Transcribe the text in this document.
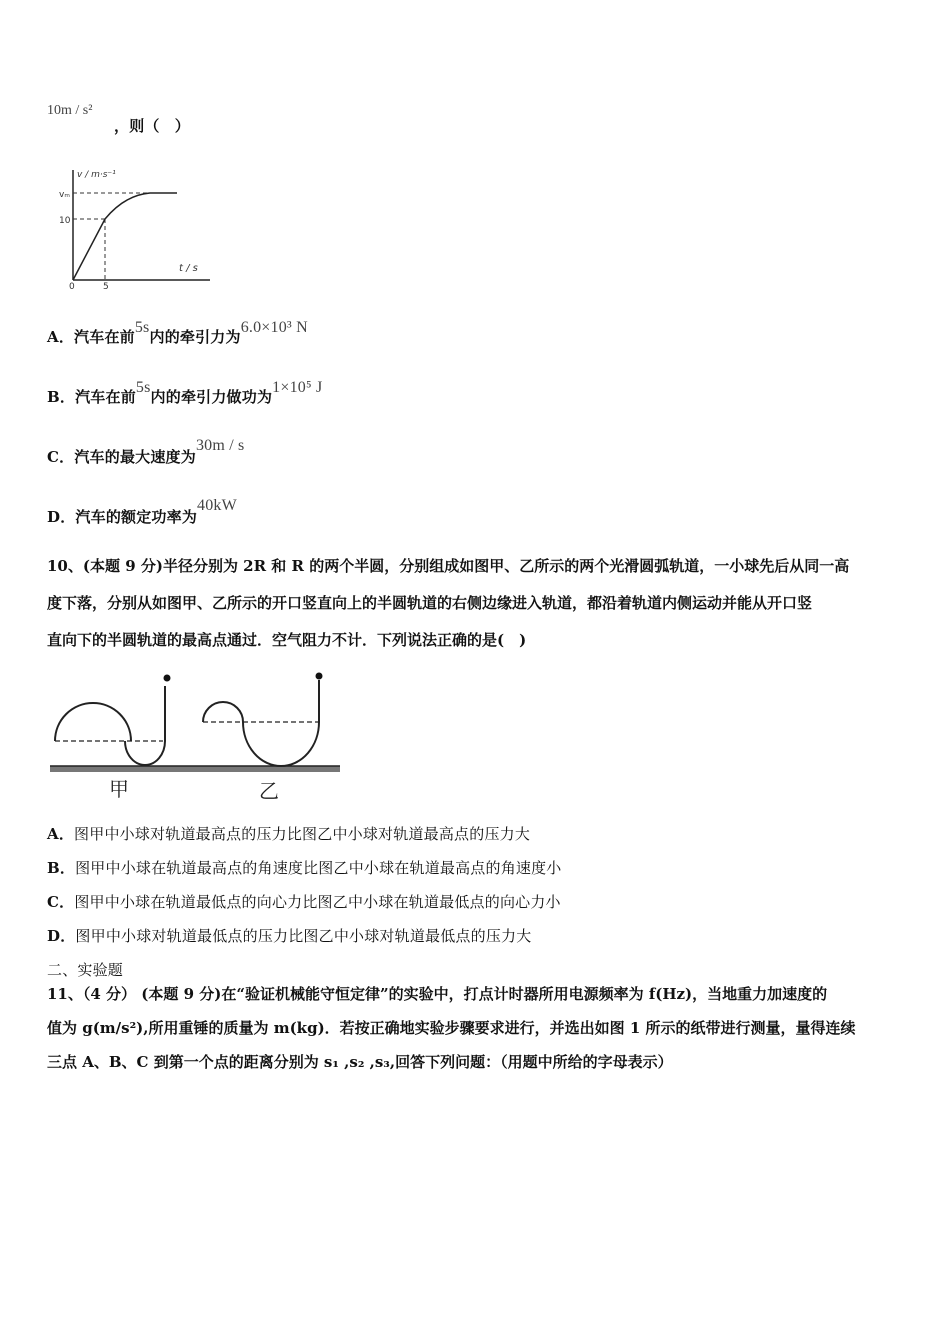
10m / s²
，则（　）
v / m·s⁻¹
t / s
vₘ
10
0	5
A．汽车在前5s内的牵引力为6.0×10³ N
B．汽车在前5s内的牵引力做功为1×10⁵ J
C．汽车的最大速度为30m / s
D．汽车的额定功率为40kW
10、(本题 9 分)半径分别为 2R 和 R 的两个半圆，分别组成如图甲、乙所示的两个光滑圆弧轨道，一小球先后从同一高
度下落，分别从如图甲、乙所示的开口竖直向上的半圆轨道的右侧边缘进入轨道，都沿着轨道内侧运动并能从开口竖
直向下的半圆轨道的最高点通过．空气阻力不计．下列说法正确的是(　)
甲	乙
A．图甲中小球对轨道最高点的压力比图乙中小球对轨道最高点的压力大
B．图甲中小球在轨道最高点的角速度比图乙中小球在轨道最高点的角速度小
C．图甲中小球在轨道最低点的向心力比图乙中小球在轨道最低点的向心力小
D．图甲中小球对轨道最低点的压力比图乙中小球对轨道最低点的压力大
二、实验题
11、（4 分） (本题 9 分)在“验证机械能守恒定律”的实验中，打点计时器所用电源频率为 f(Hz)，当地重力加速度的
值为 g(m/s²),所用重锤的质量为 m(kg)．若按正确地实验步骤要求进行，并选出如图 1 所示的纸带进行测量，量得连续
三点 A、B、C 到第一个点的距离分别为 s₁ ,s₂ ,s₃,回答下列问题：（用题中所给的字母表示）
